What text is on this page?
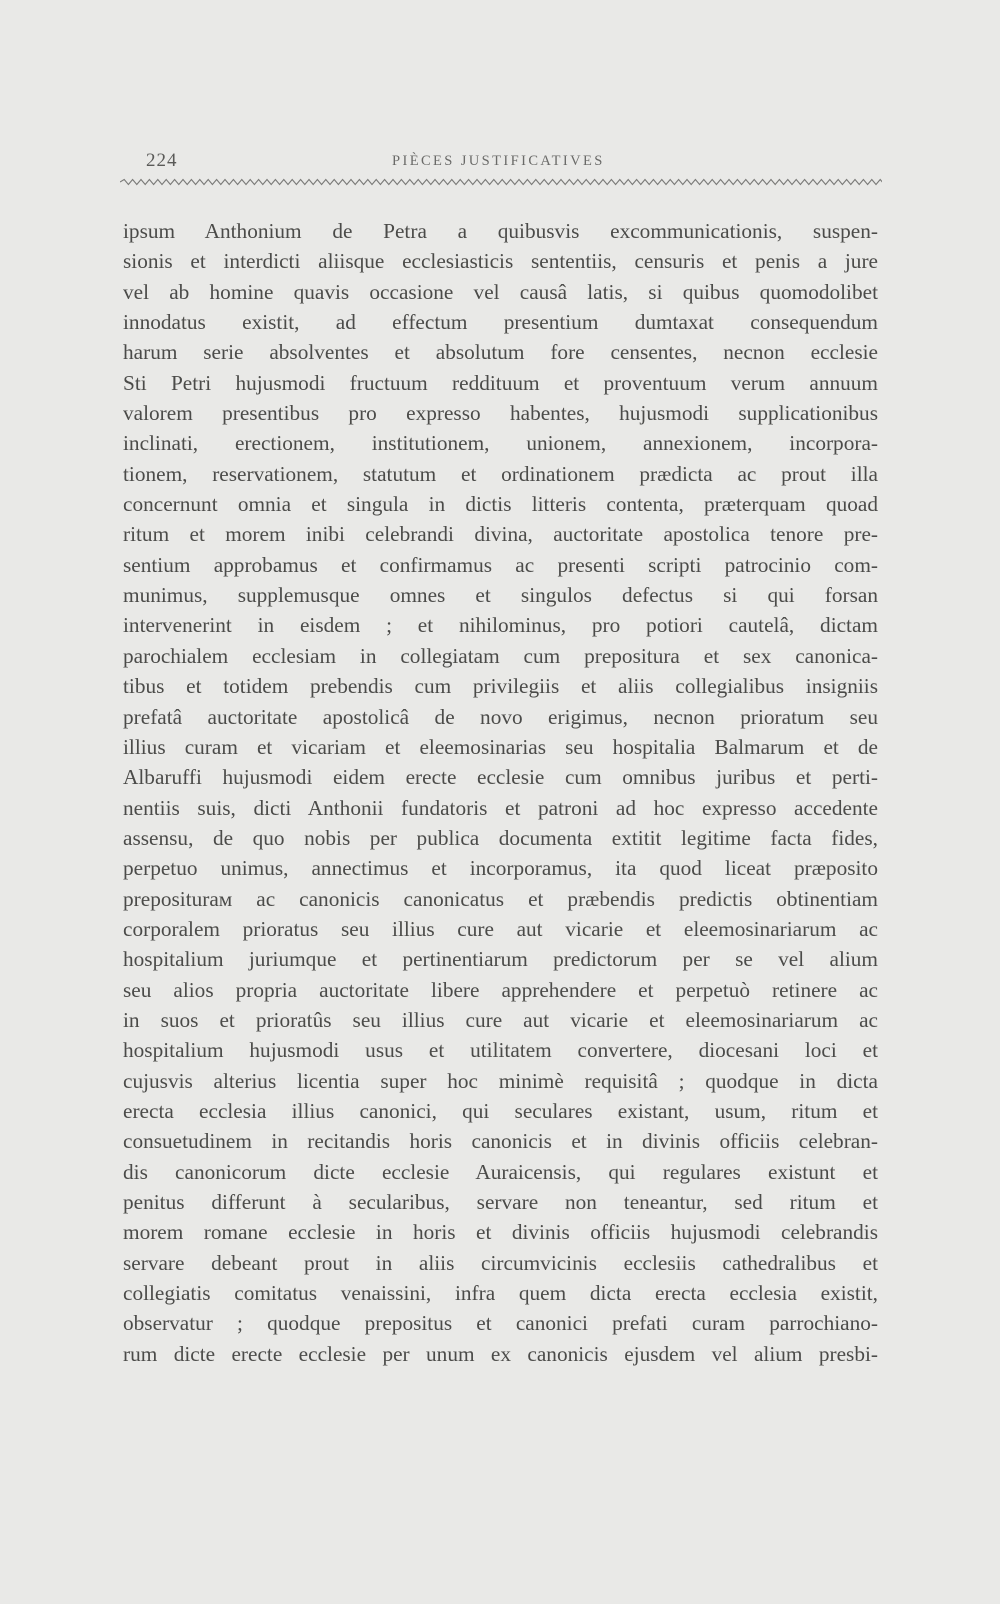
224	PIÈCES JUSTIFICATIVES
ipsum Anthonium de Petra a quibusvis excommunicationis, suspen-
sionis et interdicti aliisque ecclesiasticis sententiis, censuris et penis a jure
vel ab homine quavis occasione vel causâ latis, si quibus quomodolibet
innodatus existit, ad effectum presentium dumtaxat consequendum
harum serie absolventes et absolutum fore censentes, necnon ecclesie
Sti Petri hujusmodi fructuum reddituum et proventuum verum annuum
valorem presentibus pro expresso habentes, hujusmodi supplicationibus
inclinati, erectionem, institutionem, unionem, annexionem, incorpora-
tionem, reservationem, statutum et ordinationem prædicta ac prout illa
concernunt omnia et singula in dictis litteris contenta, præterquam quoad
ritum et morem inibi celebrandi divina, auctoritate apostolica tenore pre-
sentium approbamus et confirmamus ac presenti scripti patrocinio com-
munimus, supplemusque omnes et singulos defectus si qui forsan
intervenerint in eisdem ; et nihilominus, pro potiori cautelâ, dictam
parochialem ecclesiam in collegiatam cum prepositura et sex canonica-
tibus et totidem prebendis cum privilegiis et aliis collegialibus insigniis
prefatâ auctoritate apostolicâ de novo erigimus, necnon prioratum seu
illius curam et vicariam et eleemosinarias seu hospitalia Balmarum et de
Albaruffi hujusmodi eidem erecte ecclesie cum omnibus juribus et perti-
nentiis suis, dicti Anthonii fundatoris et patroni ad hoc expresso accedente
assensu, de quo nobis per publica documenta extitit legitime facta fides,
perpetuo unimus, annectimus et incorporamus, ita quod liceat præposito
prepositurам ac canonicis canonicatus et præbendis predictis obtinentiam
corporalem prioratus seu illius cure aut vicarie et eleemosinariarum ac
hospitalium juriumque et pertinentiarum predictorum per se vel alium
seu alios propria auctoritate libere apprehendere et perpetuò retinere ac
in suos et prioratûs seu illius cure aut vicarie et eleemosinariarum ac
hospitalium hujusmodi usus et utilitatem convertere, diocesani loci et
cujusvis alterius licentia super hoc minimè requisitâ ; quodque in dicta
erecta ecclesia illius canonici, qui seculares existant, usum, ritum et
consuetudinem in recitandis horis canonicis et in divinis officiis celebran-
dis canonicorum dicte ecclesie Auraicensis, qui regulares existunt et
penitus differunt à secularibus, servare non teneantur, sed ritum et
morem romane ecclesie in horis et divinis officiis hujusmodi celebrandis
servare debeant prout in aliis circumvicinis ecclesiis cathedralibus et
collegiatis comitatus venaissini, infra quem dicta erecta ecclesia existit,
observatur ; quodque prepositus et canonici prefati curam parrochiano-
rum dicte erecte ecclesie per unum ex canonicis ejusdem vel alium presbi-
